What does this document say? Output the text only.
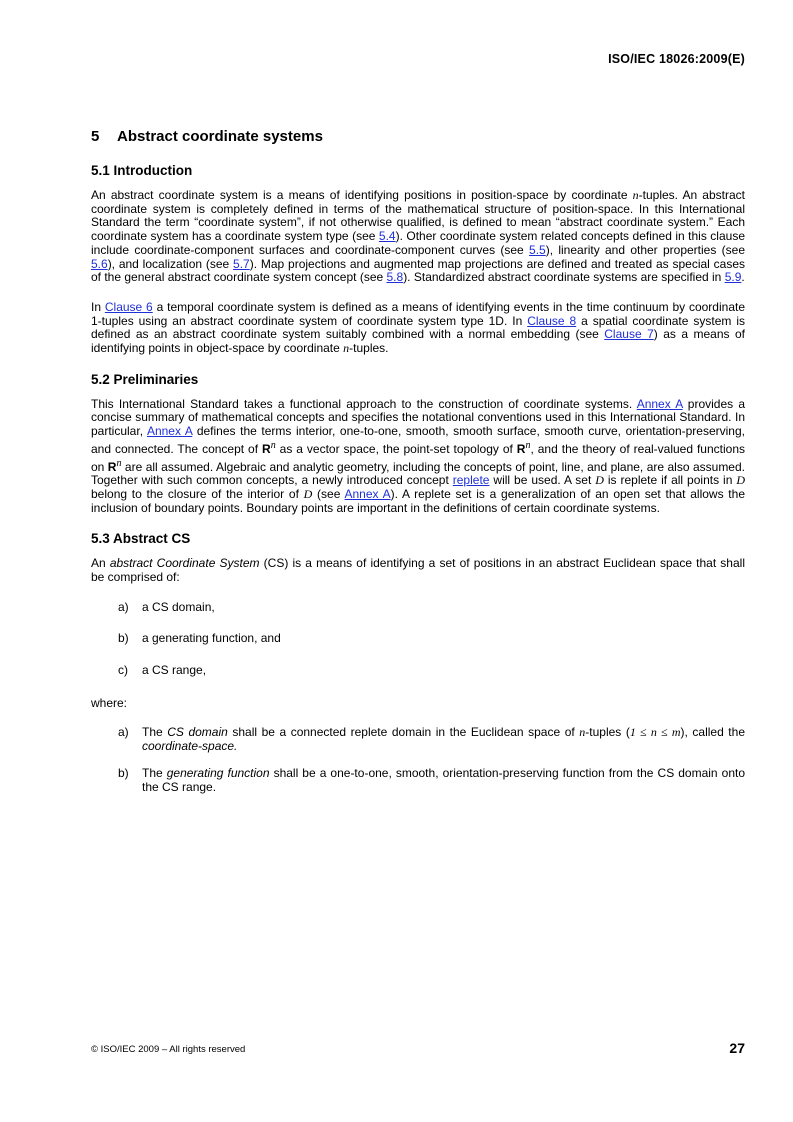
ISO/IEC 18026:2009(E)
5 Abstract coordinate systems
5.1 Introduction

An abstract coordinate system is a means of identifying positions in position-space by coordinate n-tuples. An abstract coordinate system is completely defined in terms of the mathematical structure of position-space. In this International Standard the term “coordinate system”, if not otherwise qualified, is defined to mean “abstract coordinate system.” Each coordinate system has a coordinate system type (see 5.4). Other coordinate system related concepts defined in this clause include coordinate-component surfaces and coordinate-component curves (see 5.5), linearity and other properties (see 5.6), and localization (see 5.7). Map projections and augmented map projections are defined and treated as special cases of the general abstract coordinate system concept (see 5.8). Standardized abstract coordinate systems are specified in 5.9.

In Clause 6 a temporal coordinate system is defined as a means of identifying events in the time continuum by coordinate 1-tuples using an abstract coordinate system of coordinate system type 1D. In Clause 8 a spatial coordinate system is defined as an abstract coordinate system suitably combined with a normal embedding (see Clause 7) as a means of identifying points in object-space by coordinate n-tuples.

5.2 Preliminaries

This International Standard takes a functional approach to the construction of coordinate systems. Annex A provides a concise summary of mathematical concepts and specifies the notational conventions used in this International Standard. In particular, Annex A defines the terms interior, one-to-one, smooth, smooth surface, smooth curve, orientation-preserving, and connected. The concept of $R^n$ as a vector space, the point-set topology of $R^n$, and the theory of real-valued functions on $R^n$ are all assumed. Algebraic and analytic geometry, including the concepts of point, line, and plane, are also assumed. Together with such common concepts, a newly introduced concept replete will be used. A set D is replete if all points in D belong to the closure of the interior of D (see Annex A). A replete set is a generalization of an open set that allows the inclusion of boundary points. Boundary points are important in the definitions of certain coordinate systems.

5.3 Abstract CS

An abstract Coordinate System (CS) is a means of identifying a set of positions in an abstract Euclidean space that shall be comprised of:

a) a CS domain,
b) a generating function, and
c) a CS range,
where:
a) The CS domain shall be a connected replete domain in the Euclidean space of n-tuples (1 ≤ n ≤ m), called the coordinate-space.
b) The generating function shall be a one-to-one, smooth, orientation-preserving function from the CS domain onto the CS range.
© ISO/IEC 2009 – All rights reserved	27
